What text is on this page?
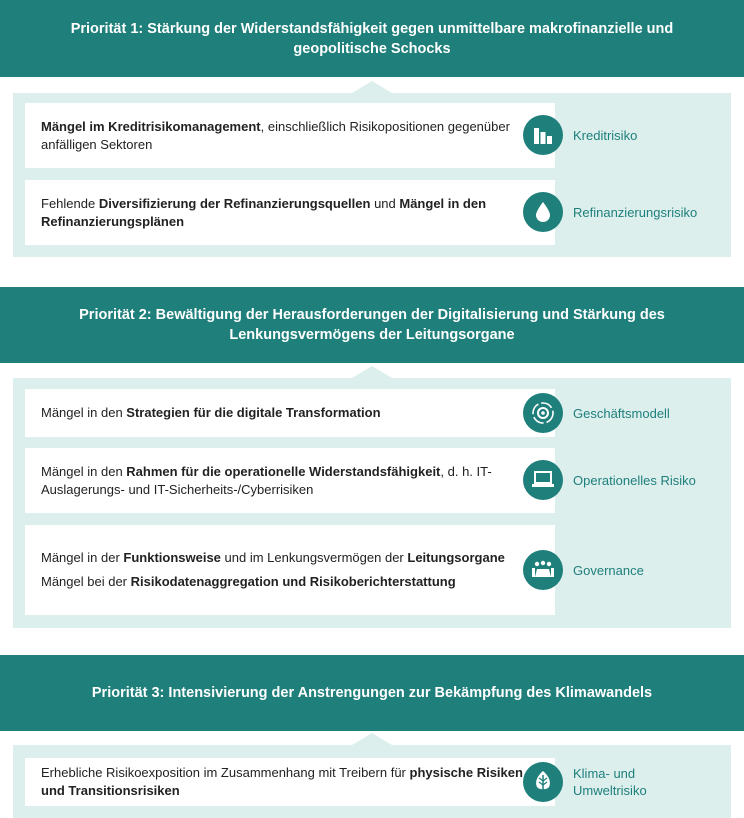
Priorität 1: Stärkung der Widerstandsfähigkeit gegen unmittelbare makrofinanzielle und geopolitische Schocks

Mängel im Kreditrisikomanagement, einschließlich Risikopositionen gegenüber anfälligen Sektoren

Fehlende Diversifizierung der Refinanzierungsquellen und Mängel in den Refinanzierungsplänen

Kreditrisiko
Refinanzierungsrisiko
Priorität 2: Bewältigung der Herausforderungen der Digitalisierung und Stärkung des Lenkungsvermögens der Leitungsorgane

Mängel in den Strategien für die digitale Transformation

Mängel in den Rahmen für die operationelle Widerstandsfähigkeit, d. h. IT-Auslagerungs- und IT-Sicherheits-/Cyberrisiken

Mängel in der Funktionsweise und im Lenkungsvermögen der Leitungsorgane

Mängel bei der Risikodatenaggregation und Risikoberichterstattung

Geschäftsmodell
Operationelles Risiko
Governance
Priorität 3: Intensivierung der Anstrengungen zur Bekämpfung des Klimawandels

Erhebliche Risikoexposition im Zusammenhang mit Treibern für physische Risiken und Transitionsrisiken

Klima- und
Umweltrisiko
